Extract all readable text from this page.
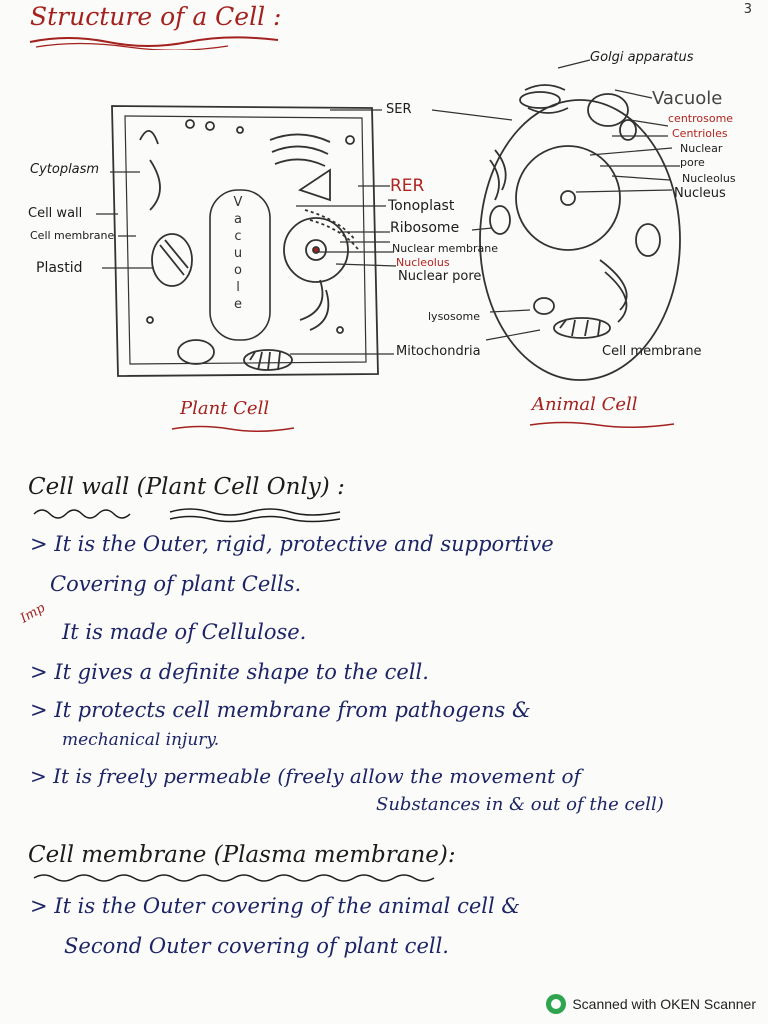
3
Structure of a Cell :
Cytoplasm
Cell wall
Cell membrane
Plastid
V
a
c
u
o
l
e
SER
RER
Tonoplast
Ribosome
Nuclear membrane
Nucleolus
Nuclear pore
lysosome
Mitochondria
Golgi apparatus
Vacuole
centrosome
Centrioles
Nuclear pore
Nucleolus
Nucleus
Cell membrane
Plant Cell	Animal Cell
Cell wall (Plant Cell Only) :
> It is the Outer, rigid, protective and supportive
Covering of plant Cells.
Imp
It is made of Cellulose.
> It gives a definite shape to the cell.
> It protects cell membrane from pathogens &
mechanical injury.
> It is freely permeable (freely allow the movement of
Substances in & out of the cell)
Cell membrane (Plasma membrane):
> It is the Outer covering of the animal cell &
Second Outer covering of plant cell.
Scanned with OKEN Scanner
